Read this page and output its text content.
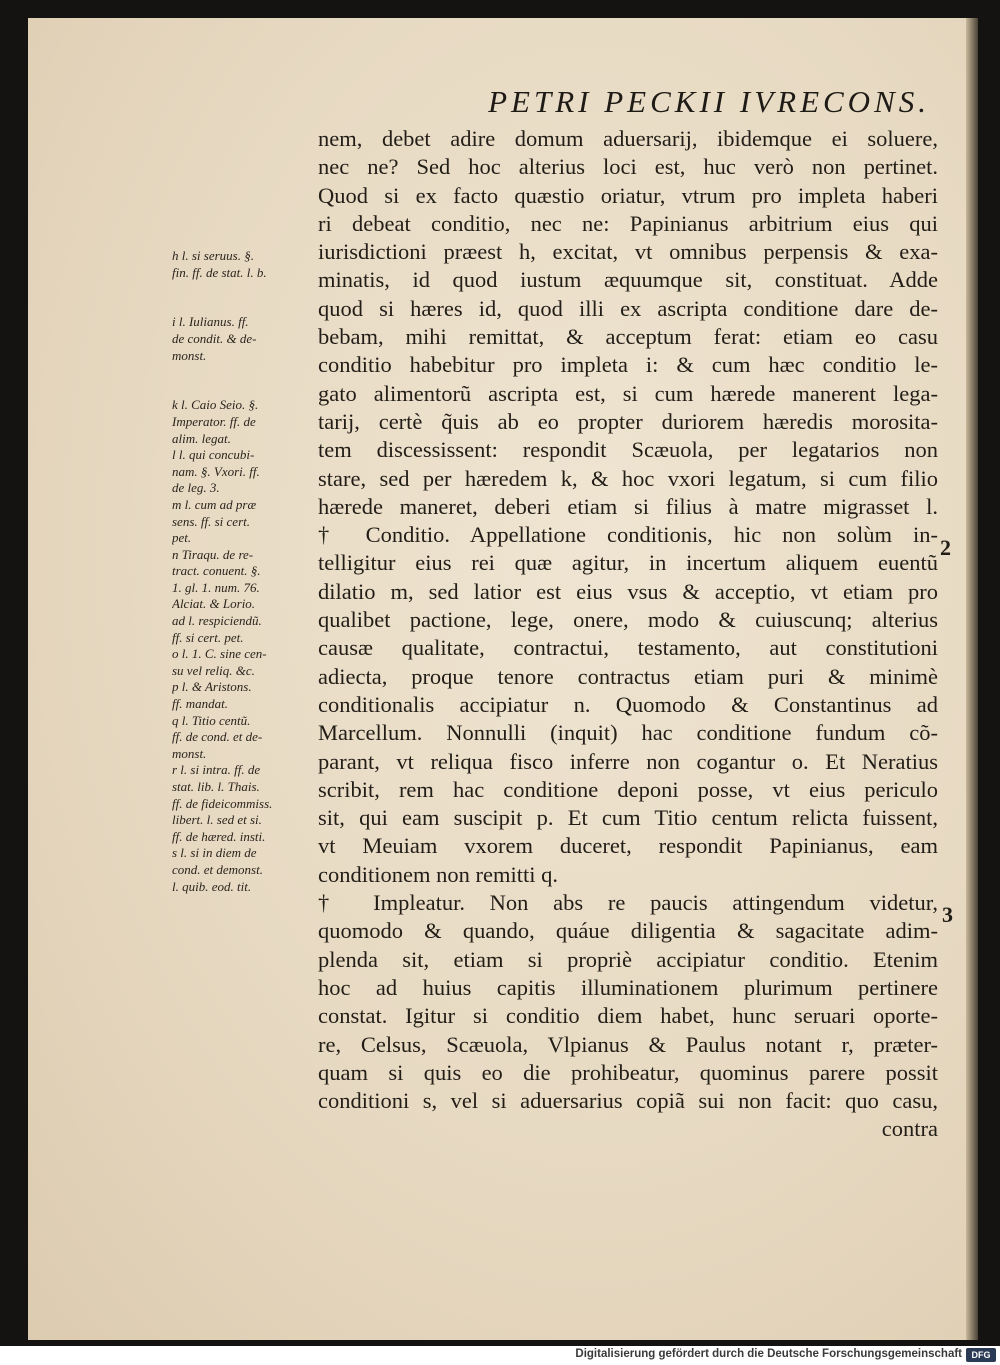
PETRI PECKII IVRECONS.
nem, debet adire domum aduersarij, ibidemque ei soluere,
nec ne? Sed hoc alterius loci est, huc verò non pertinet.
Quod si ex facto quæstio oriatur, vtrum pro impleta haberi
ri debeat conditio, nec ne: Papinianus arbitrium eius qui
iurisdictioni præest h, excitat, vt omnibus perpensis & exa-
minatis, id quod iustum æquumque sit, constituat. Adde
quod si hæres id, quod illi ex ascripta conditione dare de-
bebam, mihi remittat, & acceptum ferat: etiam eo casu
conditio habebitur pro impleta i: & cum hæc conditio le-
gato alimentorũ ascripta est, si cum hærede manerent lega-
tarij, certè q̃uis ab eo propter duriorem hæredis morosita-
tem discessissent: respondit Scæuola, per legatarios non
stare, sed per hæredem k, & hoc vxori legatum, si cum filio
hærede maneret, deberi etiam si filius à matre migrasset l.
† Conditio. Appellatione conditionis, hic non solùm in-
telligitur eius rei quæ agitur, in incertum aliquem euentũ
dilatio m, sed latior est eius vsus & acceptio, vt etiam pro
qualibet pactione, lege, onere, modo & cuiuscunq; alterius
causæ qualitate, contractui, testamento, aut constitutioni
adiecta, proque tenore contractus etiam puri & minimè
conditionalis accipiatur n. Quomodo & Constantinus ad
Marcellum. Nonnulli (inquit) hac conditione fundum cõ-
parant, vt reliqua fisco inferre non cogantur o. Et Neratius
scribit, rem hac conditione deponi posse, vt eius periculo
sit, qui eam suscipit p. Et cum Titio centum relicta fuissent,
vt Meuiam vxorem duceret, respondit Papinianus, eam
conditionem non remitti q.
† Impleatur. Non abs re paucis attingendum videtur,
quomodo & quando, quáue diligentia & sagacitate adim-
plenda sit, etiam si propriè accipiatur conditio. Etenim
hoc ad huius capitis illuminationem plurimum pertinere
constat. Igitur si conditio diem habet, hunc seruari oporte-
re, Celsus, Scæuola, Vlpianus & Paulus notant r, præter-
quam si quis eo die prohibeatur, quominus parere possit
conditioni s, vel si aduersarius copiã sui non facit: quo casu,
contra
h l. si seruus. §.
fin. ff. de stat. l. b.
i l. Iulianus. ff.
de condit. & de-
monst.
k l. Caio Seio. §.
Imperator. ff. de
alim. legat.
l l. qui concubi-
nam. §. Vxori. ff.
de leg. 3.
m l. cum ad præ
sens. ff. si cert.
pet.
n Tiraqu. de re-
tract. conuent. §.
1. gl. 1. num. 76.
Alciat. & Lorio.
ad l. respiciendũ.
ff. si cert. pet.
o l. 1. C. sine cen-
su vel reliq. &c.
p l. & Aristons.
ff. mandat.
q l. Titio centũ.
ff. de cond. et de-
monst.
r l. si intra. ff. de
stat. lib. l. Thais.
ff. de fideicommiss.
libert. l. sed et si.
ff. de hæred. insti.
s l. si in diem de
cond. et demonst.
l. quib. eod. tit.
2
3
Digitalisierung gefördert durch die Deutsche Forschungsgemeinschaft	DFG
